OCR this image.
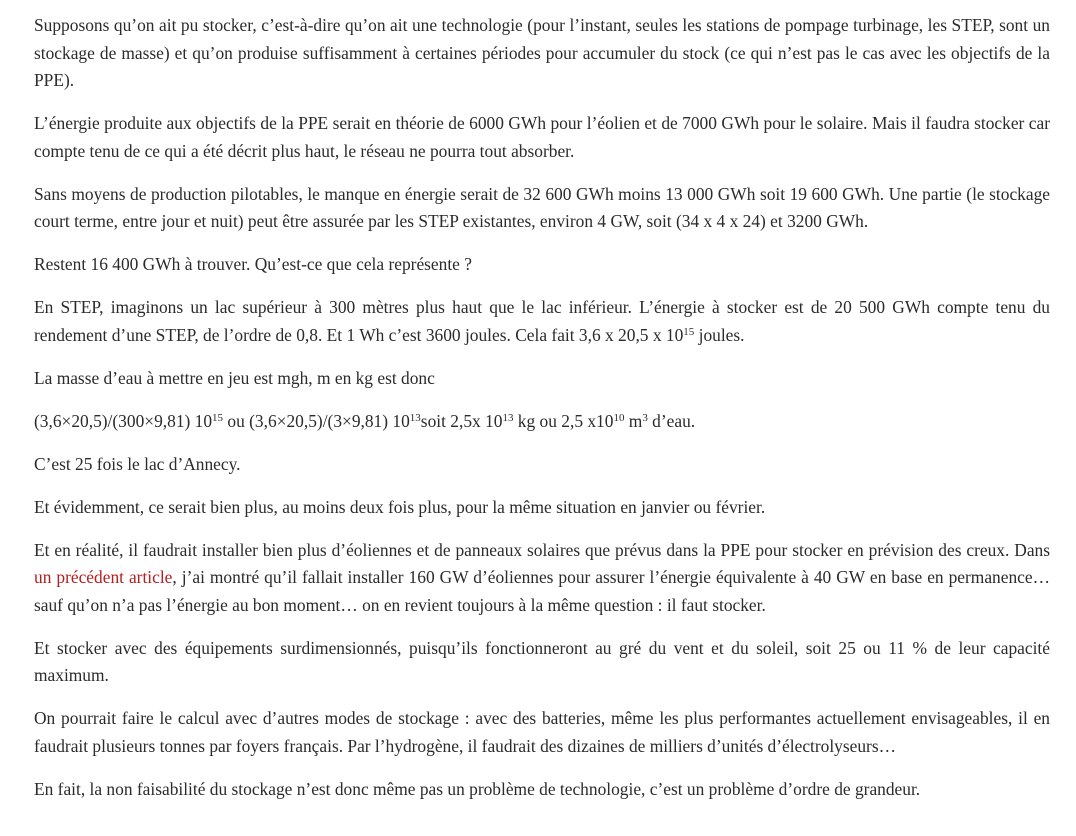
Supposons qu’on ait pu stocker, c’est-à-dire qu’on ait une technologie (pour l’instant, seules les stations de pompage turbinage, les STEP, sont un stockage de masse) et qu’on produise suffisamment à certaines périodes pour accumuler du stock (ce qui n’est pas le cas avec les objectifs de la PPE).

L’énergie produite aux objectifs de la PPE serait en théorie de 6000 GWh pour l’éolien et de 7000 GWh pour le solaire. Mais il faudra stocker car compte tenu de ce qui a été décrit plus haut, le réseau ne pourra tout absorber.

Sans moyens de production pilotables, le manque en énergie serait de 32 600 GWh moins 13 000 GWh soit 19 600 GWh. Une partie (le stockage court terme, entre jour et nuit) peut être assurée par les STEP existantes, environ 4 GW, soit (34 x 4 x 24) et 3200 GWh.

Restent 16 400 GWh à trouver. Qu’est-ce que cela représente ?

En STEP, imaginons un lac supérieur à 300 mètres plus haut que le lac inférieur. L’énergie à stocker est de 20 500 GWh compte tenu du rendement d’une STEP, de l’ordre de 0,8. Et 1 Wh c’est 3600 joules. Cela fait 3,6 x 20,5 x $10^{15}$ joules.

La masse d’eau à mettre en jeu est mgh, m en kg est donc

(3,6×20,5)/(300×9,81) $10^{15}$ ou (3,6×20,5)/(3×9,81) $10^{13}soit$ 2,5x $10^{13}$ kg ou 2,5 $x10^{10}$ $m^3$ d’eau.

C’est 25 fois le lac d’Annecy.

Et évidemment, ce serait bien plus, au moins deux fois plus, pour la même situation en janvier ou février.

Et en réalité, il faudrait installer bien plus d’éoliennes et de panneaux solaires que prévus dans la PPE pour stocker en prévision des creux. Dans un précédent article, j’ai montré qu’il fallait installer 160 GW d’éoliennes pour assurer l’énergie équivalente à 40 GW en base en permanence… sauf qu’on n’a pas l’énergie au bon moment… on en revient toujours à la même question : il faut stocker.

Et stocker avec des équipements surdimensionnés, puisqu’ils fonctionneront au gré du vent et du soleil, soit 25 ou 11 % de leur capacité maximum.

On pourrait faire le calcul avec d’autres modes de stockage : avec des batteries, même les plus performantes actuellement envisageables, il en faudrait plusieurs tonnes par foyers français. Par l’hydrogène, il faudrait des dizaines de milliers d’unités d’électrolyseurs…

En fait, la non faisabilité du stockage n’est donc même pas un problème de technologie, c’est un problème d’ordre de grandeur.
